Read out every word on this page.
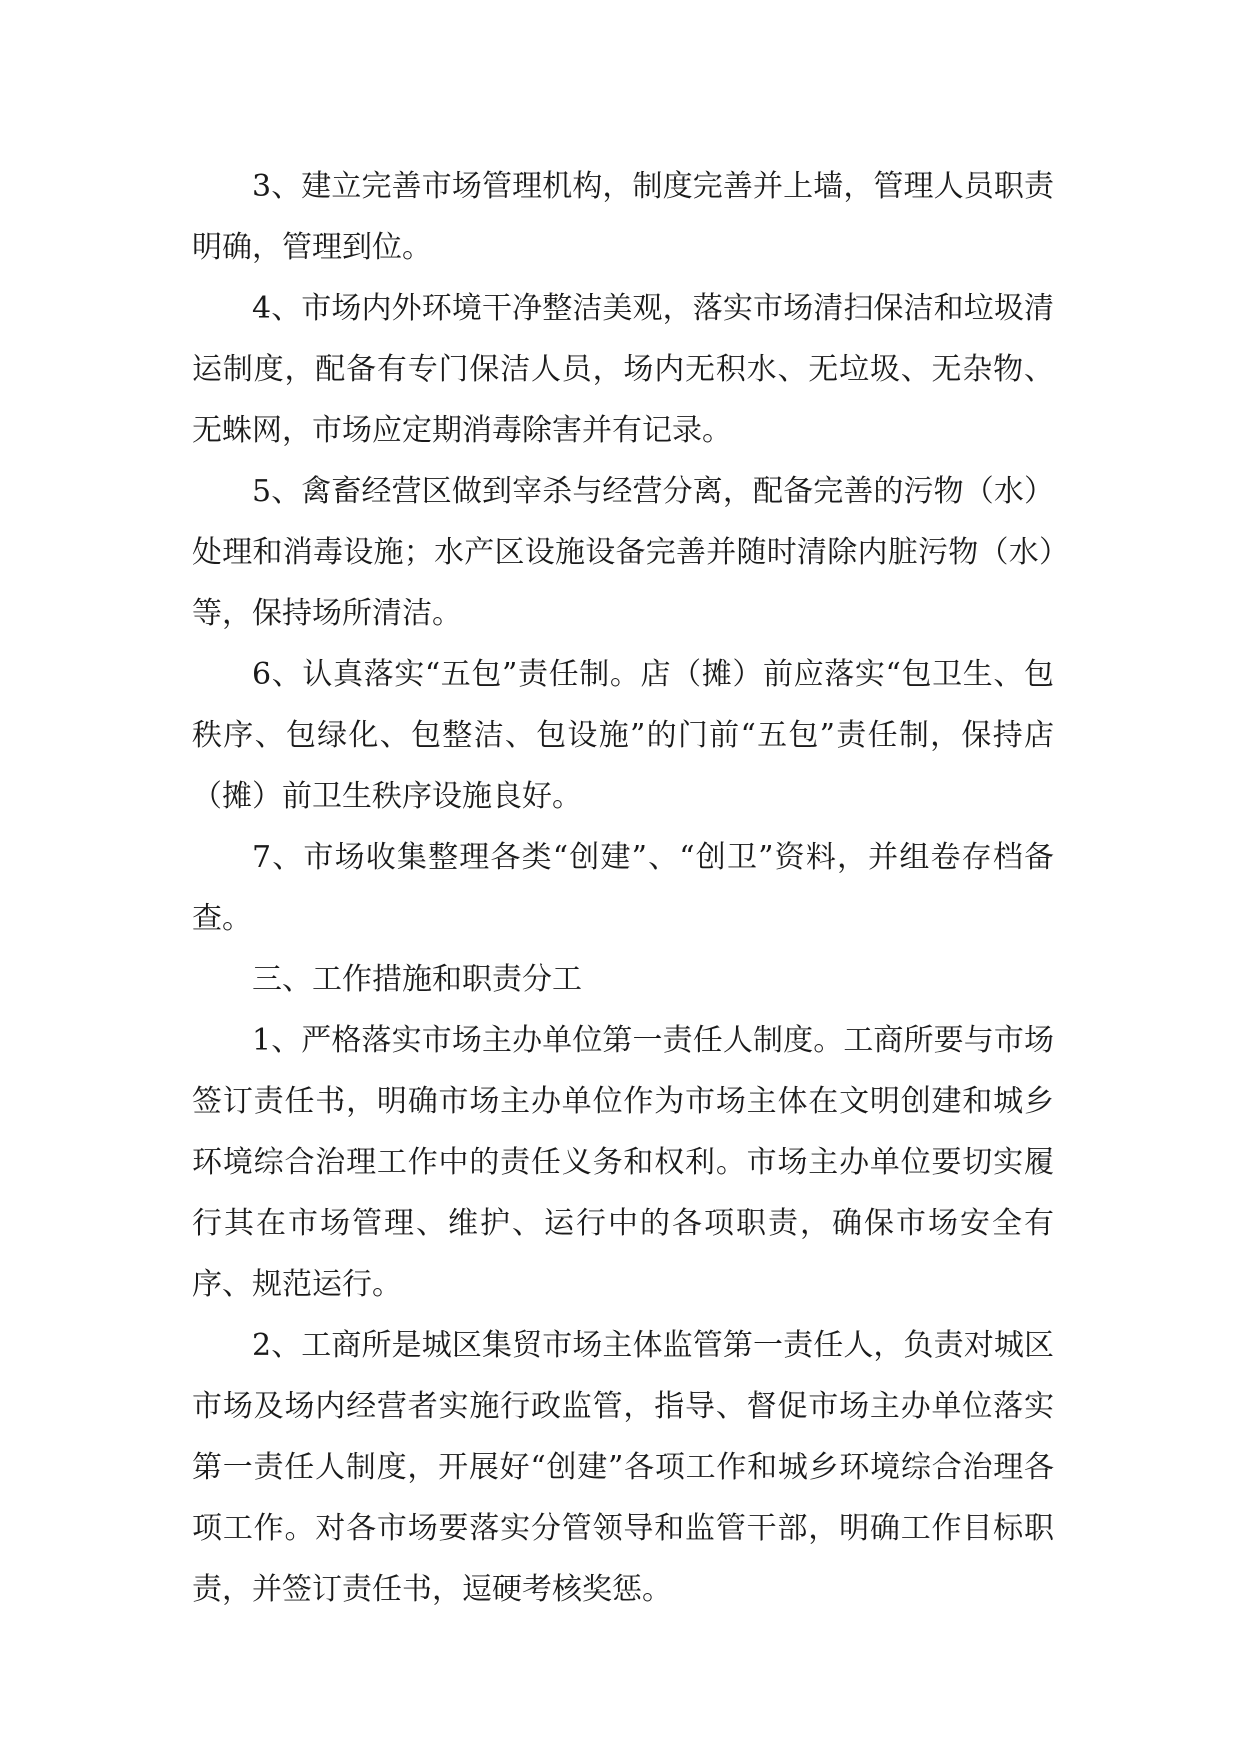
3、建立完善市场管理机构，制度完善并上墙，管理人员职责明确，管理到位。

4、市场内外环境干净整洁美观，落实市场清扫保洁和垃圾清运制度，配备有专门保洁人员，场内无积水、无垃圾、无杂物、无蛛网，市场应定期消毒除害并有记录。

5、禽畜经营区做到宰杀与经营分离，配备完善的污物（水）处理和消毒设施；水产区设施设备完善并随时清除内脏污物（水）等，保持场所清洁。

6、认真落实“五包”责任制。店（摊）前应落实“包卫生、包秩序、包绿化、包整洁、包设施”的门前“五包”责任制，保持店（摊）前卫生秩序设施良好。

7、市场收集整理各类“创建”、“创卫”资料，并组卷存档备查。

三、工作措施和职责分工

1、严格落实市场主办单位第一责任人制度。工商所要与市场签订责任书，明确市场主办单位作为市场主体在文明创建和城乡环境综合治理工作中的责任义务和权利。市场主办单位要切实履行其在市场管理、维护、运行中的各项职责，确保市场安全有序、规范运行。

2、工商所是城区集贸市场主体监管第一责任人，负责对城区市场及场内经营者实施行政监管，指导、督促市场主办单位落实第一责任人制度，开展好“创建”各项工作和城乡环境综合治理各项工作。对各市场要落实分管领导和监管干部，明确工作目标职责，并签订责任书，逗硬考核奖惩。
